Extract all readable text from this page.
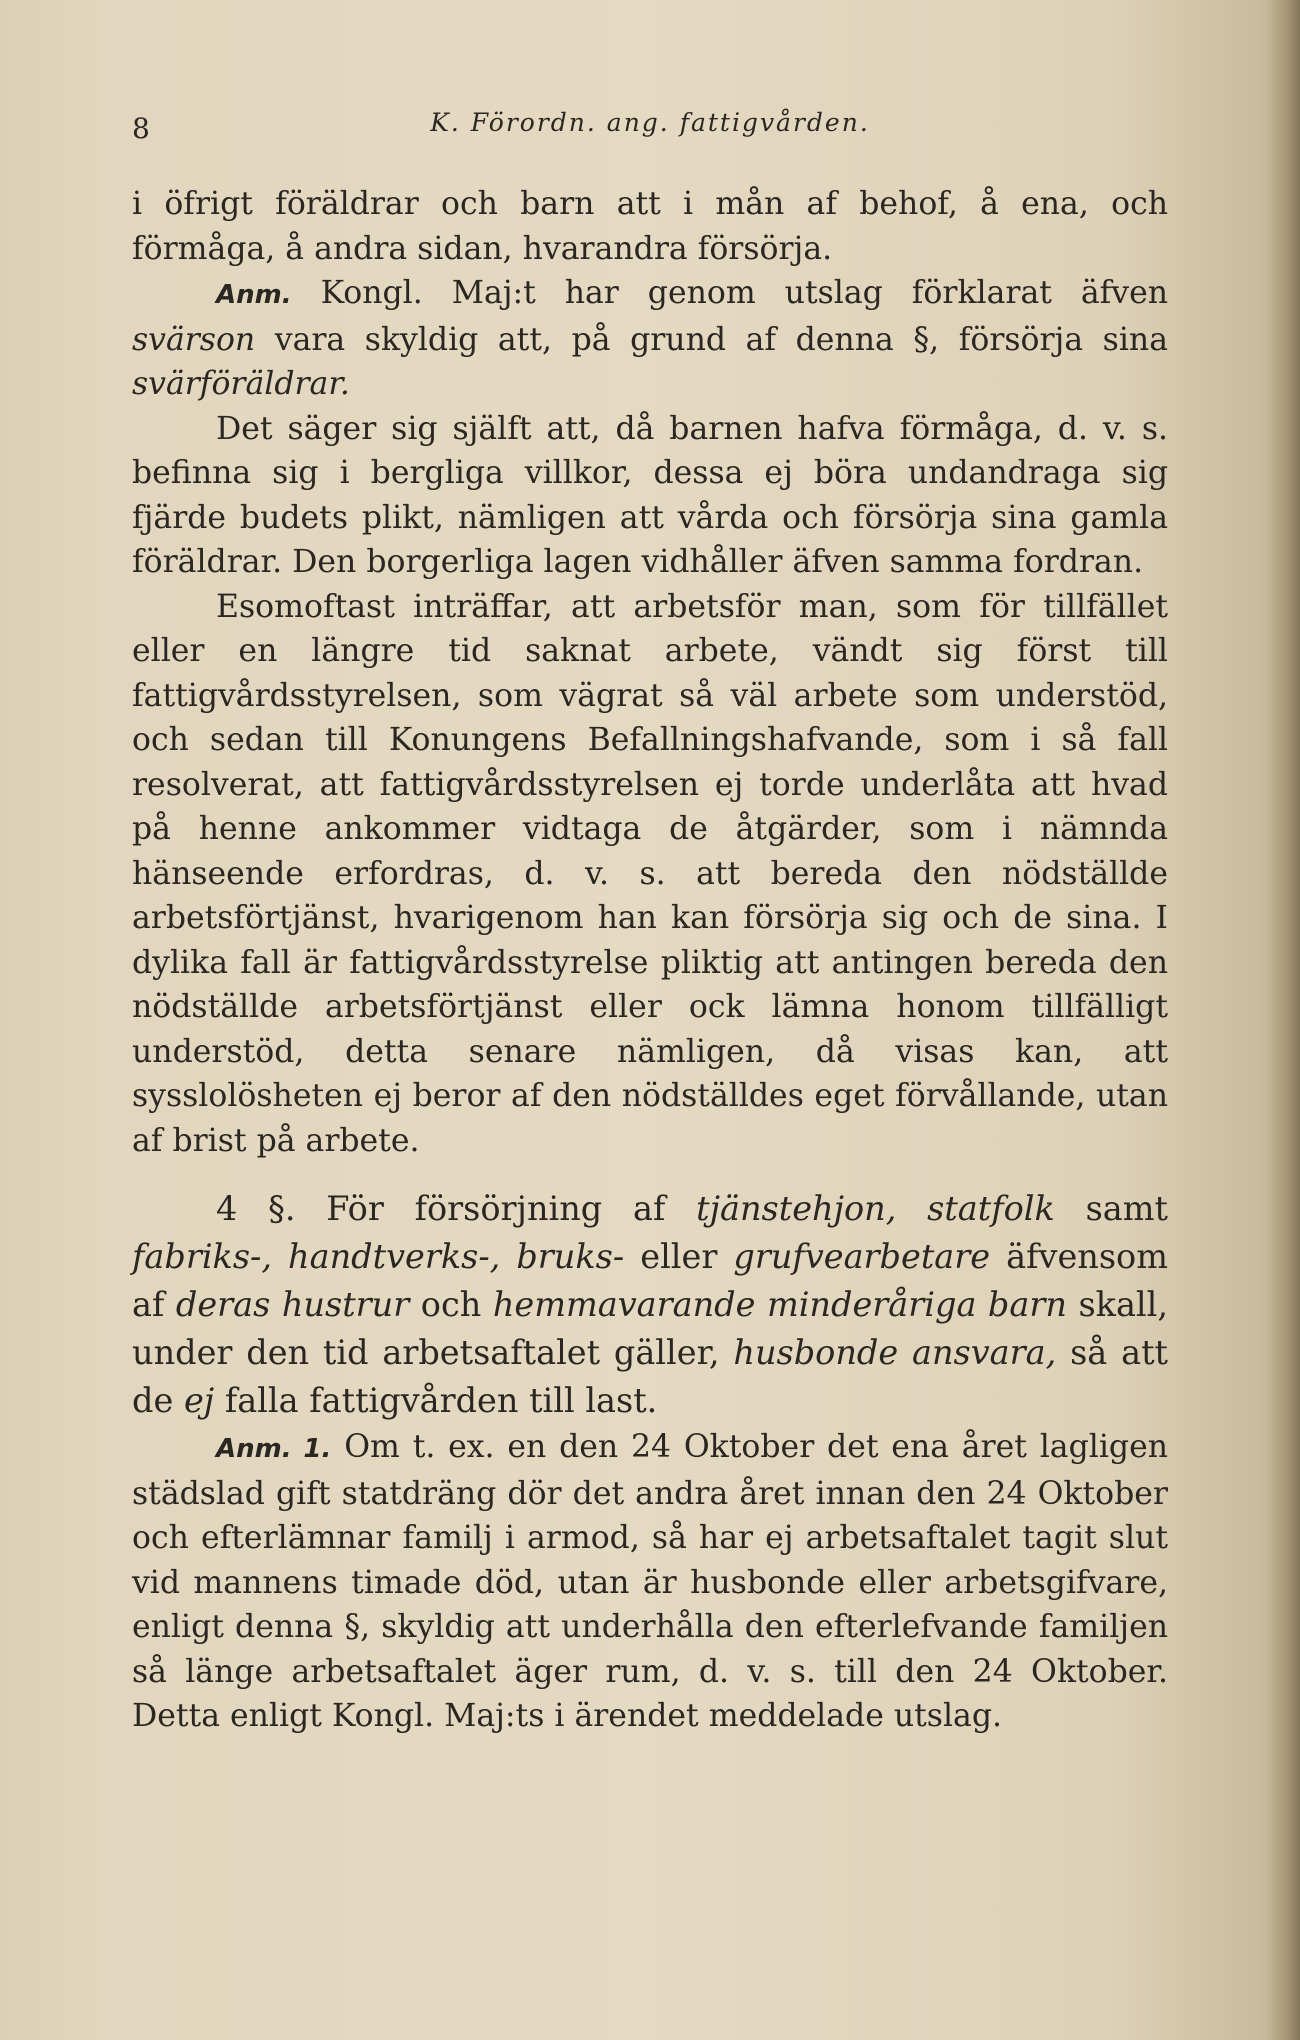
8	K. Förordn. ang. fattigvården.

i öfrigt föräldrar och barn att i mån af behof, å ena, och förmåga, å andra sidan, hvarandra försörja.

Anm. Kongl. Maj:t har genom utslag förklarat äfven svärson vara skyldig att, på grund af denna §, försörja sina svärföräldrar.

Det säger sig själft att, då barnen hafva förmåga, d. v. s. befinna sig i bergliga villkor, dessa ej böra undandraga sig fjärde budets plikt, nämligen att vårda och försörja sina gamla föräldrar. Den borgerliga lagen vidhåller äfven samma fordran.

Esomoftast inträffar, att arbetsför man, som för tillfället eller en längre tid saknat arbete, vändt sig först till fattigvårdsstyrelsen, som vägrat så väl arbete som understöd, och sedan till Konungens Befallningshafvande, som i så fall resolverat, att fattigvårdsstyrelsen ej torde underlåta att hvad på henne ankommer vidtaga de åtgärder, som i nämnda hänseende erfordras, d. v. s. att bereda den nödställde arbetsförtjänst, hvarigenom han kan försörja sig och de sina. I dylika fall är fattigvårdsstyrelse pliktig att antingen bereda den nödställde arbetsförtjänst eller ock lämna honom tillfälligt understöd, detta senare nämligen, då visas kan, att sysslolösheten ej beror af den nödställdes eget förvållande, utan af brist på arbete.

4 §. För försörjning af tjänstehjon, statfolk samt fabriks-, handtverks-, bruks- eller grufvearbetare äfvensom af deras hustrur och hemmavarande minderåriga barn skall, under den tid arbetsaftalet gäller, husbonde ansvara, så att de ej falla fattigvården till last.

Anm. 1. Om t. ex. en den 24 Oktober det ena året lagligen städslad gift statdräng dör det andra året innan den 24 Oktober och efterlämnar familj i armod, så har ej arbetsaftalet tagit slut vid mannens timade död, utan är husbonde eller arbetsgifvare, enligt denna §, skyldig att underhålla den efterlefvande familjen så länge arbetsaftalet äger rum, d. v. s. till den 24 Oktober. Detta enligt Kongl. Maj:ts i ärendet meddelade utslag.
